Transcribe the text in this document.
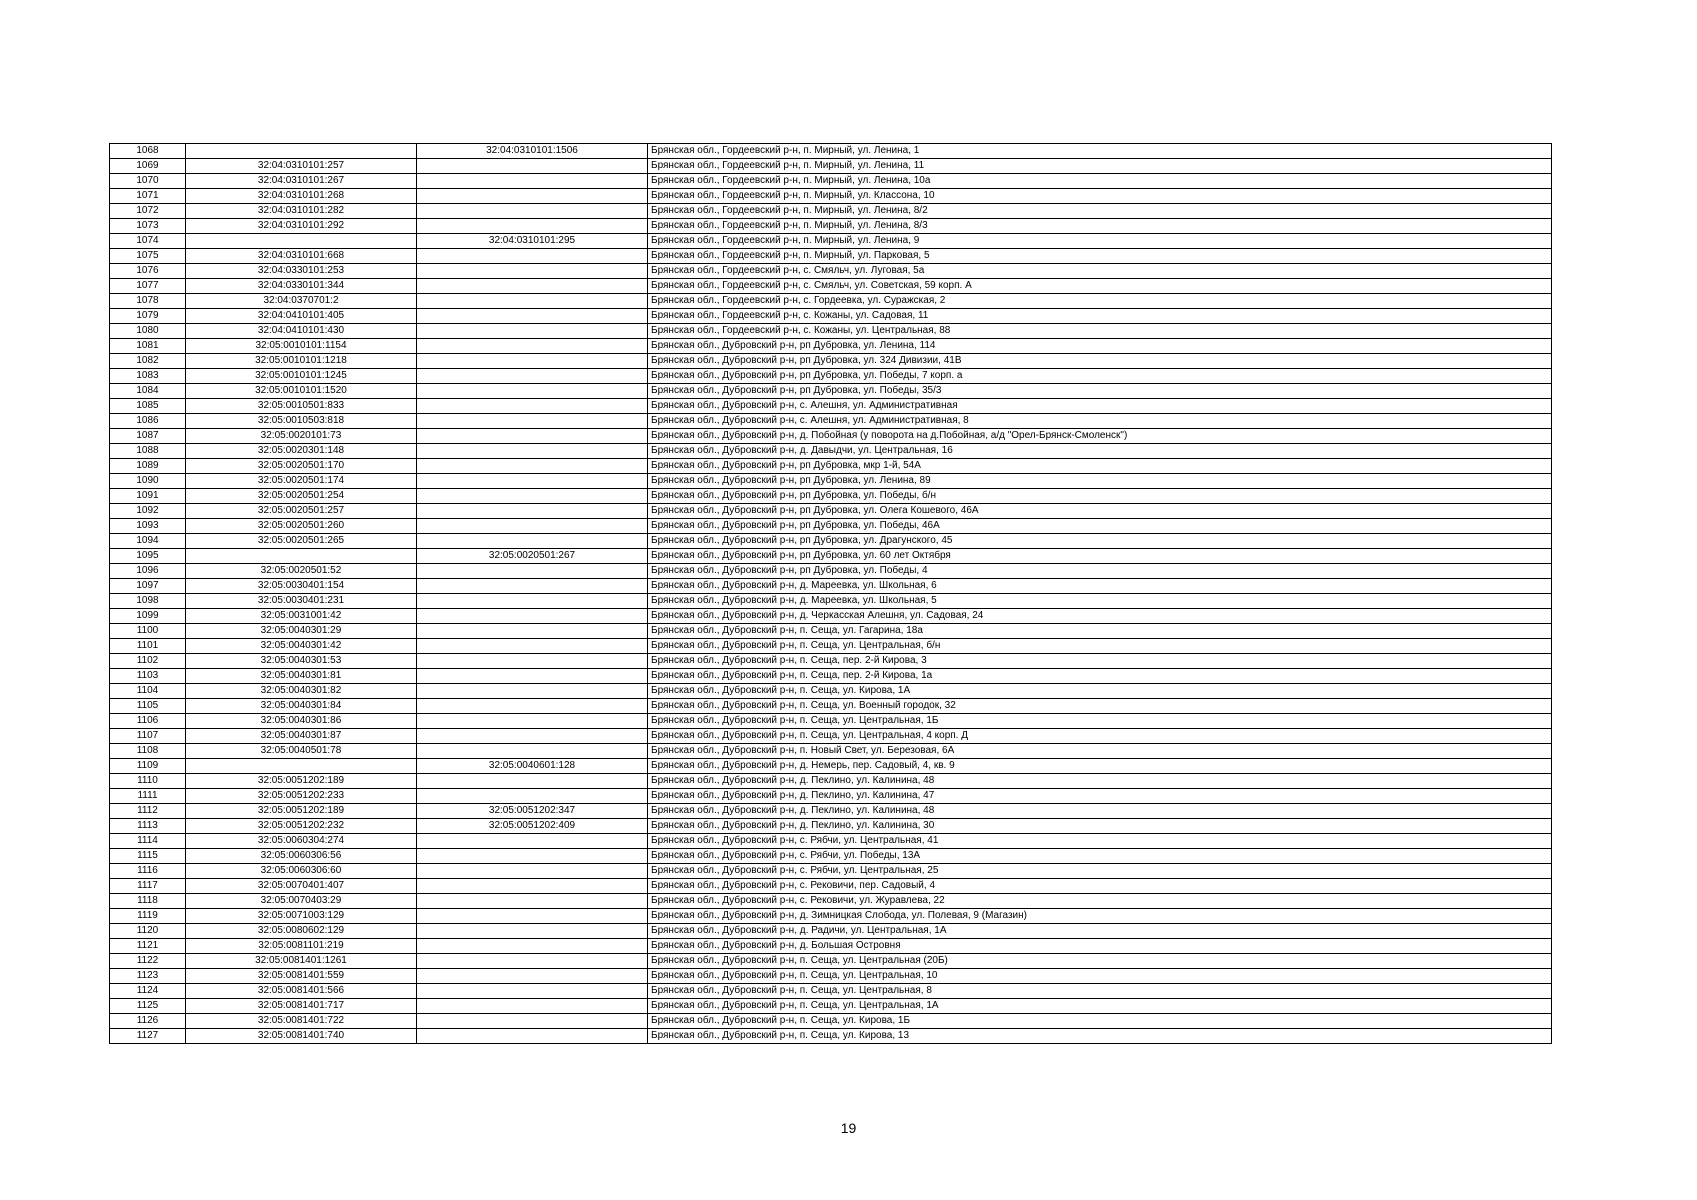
1068		32:04:0310101:1506	Брянская обл., Гордеевский р-н, п. Мирный, ул. Ленина, 1
1069	32:04:0310101:257		Брянская обл., Гордеевский р-н, п. Мирный, ул. Ленина, 11
1070	32:04:0310101:267		Брянская обл., Гордеевский р-н, п. Мирный, ул. Ленина, 10а
1071	32:04:0310101:268		Брянская обл., Гордеевский р-н, п. Мирный, ул. Классона, 10
1072	32:04:0310101:282		Брянская обл., Гордеевский р-н, п. Мирный, ул. Ленина, 8/2
1073	32:04:0310101:292		Брянская обл., Гордеевский р-н, п. Мирный, ул. Ленина, 8/3
1074		32:04:0310101:295	Брянская обл., Гордеевский р-н, п. Мирный, ул. Ленина, 9
1075	32:04:0310101:668		Брянская обл., Гордеевский р-н, п. Мирный, ул. Парковая, 5
1076	32:04:0330101:253		Брянская обл., Гордеевский р-н, с. Смяльч, ул. Луговая, 5а
1077	32:04:0330101:344		Брянская обл., Гордеевский р-н, с. Смяльч, ул. Советская, 59 корп. А
1078	32:04:0370701:2		Брянская обл., Гордеевский р-н, с. Гордеевка, ул. Суражская, 2
1079	32:04:0410101:405		Брянская обл., Гордеевский р-н, с. Кожаны, ул. Садовая, 11
1080	32:04:0410101:430		Брянская обл., Гордеевский р-н, с. Кожаны, ул. Центральная, 88
1081	32:05:0010101:1154		Брянская обл., Дубровский р-н, рп Дубровка, ул. Ленина, 114
1082	32:05:0010101:1218		Брянская обл., Дубровский р-н, рп Дубровка, ул. 324 Дивизии, 41В
1083	32:05:0010101:1245		Брянская обл., Дубровский р-н, рп Дубровка, ул. Победы, 7 корп. а
1084	32:05:0010101:1520		Брянская обл., Дубровский р-н, рп Дубровка, ул. Победы, 35/3
1085	32:05:0010501:833		Брянская обл., Дубровский р-н, с. Алешня, ул. Административная
1086	32:05:0010503:818		Брянская обл., Дубровский р-н, с. Алешня, ул. Административная, 8
1087	32:05:0020101:73		Брянская обл., Дубровский р-н, д. Побойная (у поворота на д.Побойная, а/д "Орел-Брянск-Смоленск")
1088	32:05:0020301:148		Брянская обл., Дубровский р-н, д. Давыдчи, ул. Центральная, 16
1089	32:05:0020501:170		Брянская обл., Дубровский р-н, рп Дубровка, мкр 1-й, 54А
1090	32:05:0020501:174		Брянская обл., Дубровский р-н, рп Дубровка, ул. Ленина, 89
1091	32:05:0020501:254		Брянская обл., Дубровский р-н, рп Дубровка, ул. Победы, б/н
1092	32:05:0020501:257		Брянская обл., Дубровский р-н, рп Дубровка, ул. Олега Кошевого, 46А
1093	32:05:0020501:260		Брянская обл., Дубровский р-н, рп Дубровка, ул. Победы, 46А
1094	32:05:0020501:265		Брянская обл., Дубровский р-н, рп Дубровка, ул. Драгунского, 45
1095		32:05:0020501:267	Брянская обл., Дубровский р-н, рп Дубровка, ул. 60 лет Октября
1096	32:05:0020501:52		Брянская обл., Дубровский р-н, рп Дубровка, ул. Победы, 4
1097	32:05:0030401:154		Брянская обл., Дубровский р-н, д. Мареевка, ул. Школьная, 6
1098	32:05:0030401:231		Брянская обл., Дубровский р-н, д. Мареевка, ул. Школьная, 5
1099	32:05:0031001:42		Брянская обл., Дубровский р-н, д. Черкасская Алешня, ул. Садовая, 24
1100	32:05:0040301:29		Брянская обл., Дубровский р-н, п. Сеща, ул. Гагарина, 18а
1101	32:05:0040301:42		Брянская обл., Дубровский р-н, п. Сеща, ул. Центральная, б/н
1102	32:05:0040301:53		Брянская обл., Дубровский р-н, п. Сеща, пер. 2-й Кирова, 3
1103	32:05:0040301:81		Брянская обл., Дубровский р-н, п. Сеща, пер. 2-й Кирова, 1а
1104	32:05:0040301:82		Брянская обл., Дубровский р-н, п. Сеща, ул. Кирова, 1А
1105	32:05:0040301:84		Брянская обл., Дубровский р-н, п. Сеща, ул. Военный городок, 32
1106	32:05:0040301:86		Брянская обл., Дубровский р-н, п. Сеща, ул. Центральная, 1Б
1107	32:05:0040301:87		Брянская обл., Дубровский р-н, п. Сеща, ул. Центральная, 4 корп. Д
1108	32:05:0040501:78		Брянская обл., Дубровский р-н, п. Новый Свет, ул. Березовая, 6А
1109		32:05:0040601:128	Брянская обл., Дубровский р-н, д. Немерь, пер. Садовый, 4, кв. 9
1110	32:05:0051202:189		Брянская обл., Дубровский р-н, д. Пеклино, ул. Калинина, 48
1111	32:05:0051202:233		Брянская обл., Дубровский р-н, д. Пеклино, ул. Калинина, 47
1112	32:05:0051202:189	32:05:0051202:347	Брянская обл., Дубровский р-н, д. Пеклино, ул. Калинина, 48
1113	32:05:0051202:232	32:05:0051202:409	Брянская обл., Дубровский р-н, д. Пеклино, ул. Калинина, 30
1114	32:05:0060304:274		Брянская обл., Дубровский р-н, с. Рябчи, ул. Центральная, 41
1115	32:05:0060306:56		Брянская обл., Дубровский р-н, с. Рябчи, ул. Победы, 13А
1116	32:05:0060306:60		Брянская обл., Дубровский р-н, с. Рябчи, ул. Центральная, 25
1117	32:05:0070401:407		Брянская обл., Дубровский р-н, с. Рековичи, пер. Садовый, 4
1118	32:05:0070403:29		Брянская обл., Дубровский р-н, с. Рековичи, ул. Журавлева, 22
1119	32:05:0071003:129		Брянская обл., Дубровский р-н, д. Зимницкая Слобода, ул. Полевая, 9 (Магазин)
1120	32:05:0080602:129		Брянская обл., Дубровский р-н, д. Радичи, ул. Центральная, 1А
1121	32:05:0081101:219		Брянская обл., Дубровский р-н, д. Большая Островня
1122	32:05:0081401:1261		Брянская обл., Дубровский р-н, п. Сеща, ул. Центральная (20Б)
1123	32:05:0081401:559		Брянская обл., Дубровский р-н, п. Сеща, ул. Центральная, 10
1124	32:05:0081401:566		Брянская обл., Дубровский р-н, п. Сеща, ул. Центральная, 8
1125	32:05:0081401:717		Брянская обл., Дубровский р-н, п. Сеща, ул. Центральная, 1А
1126	32:05:0081401:722		Брянская обл., Дубровский р-н, п. Сеща, ул. Кирова, 1Б
1127	32:05:0081401:740		Брянская обл., Дубровский р-н, п. Сеща, ул. Кирова, 13
19
